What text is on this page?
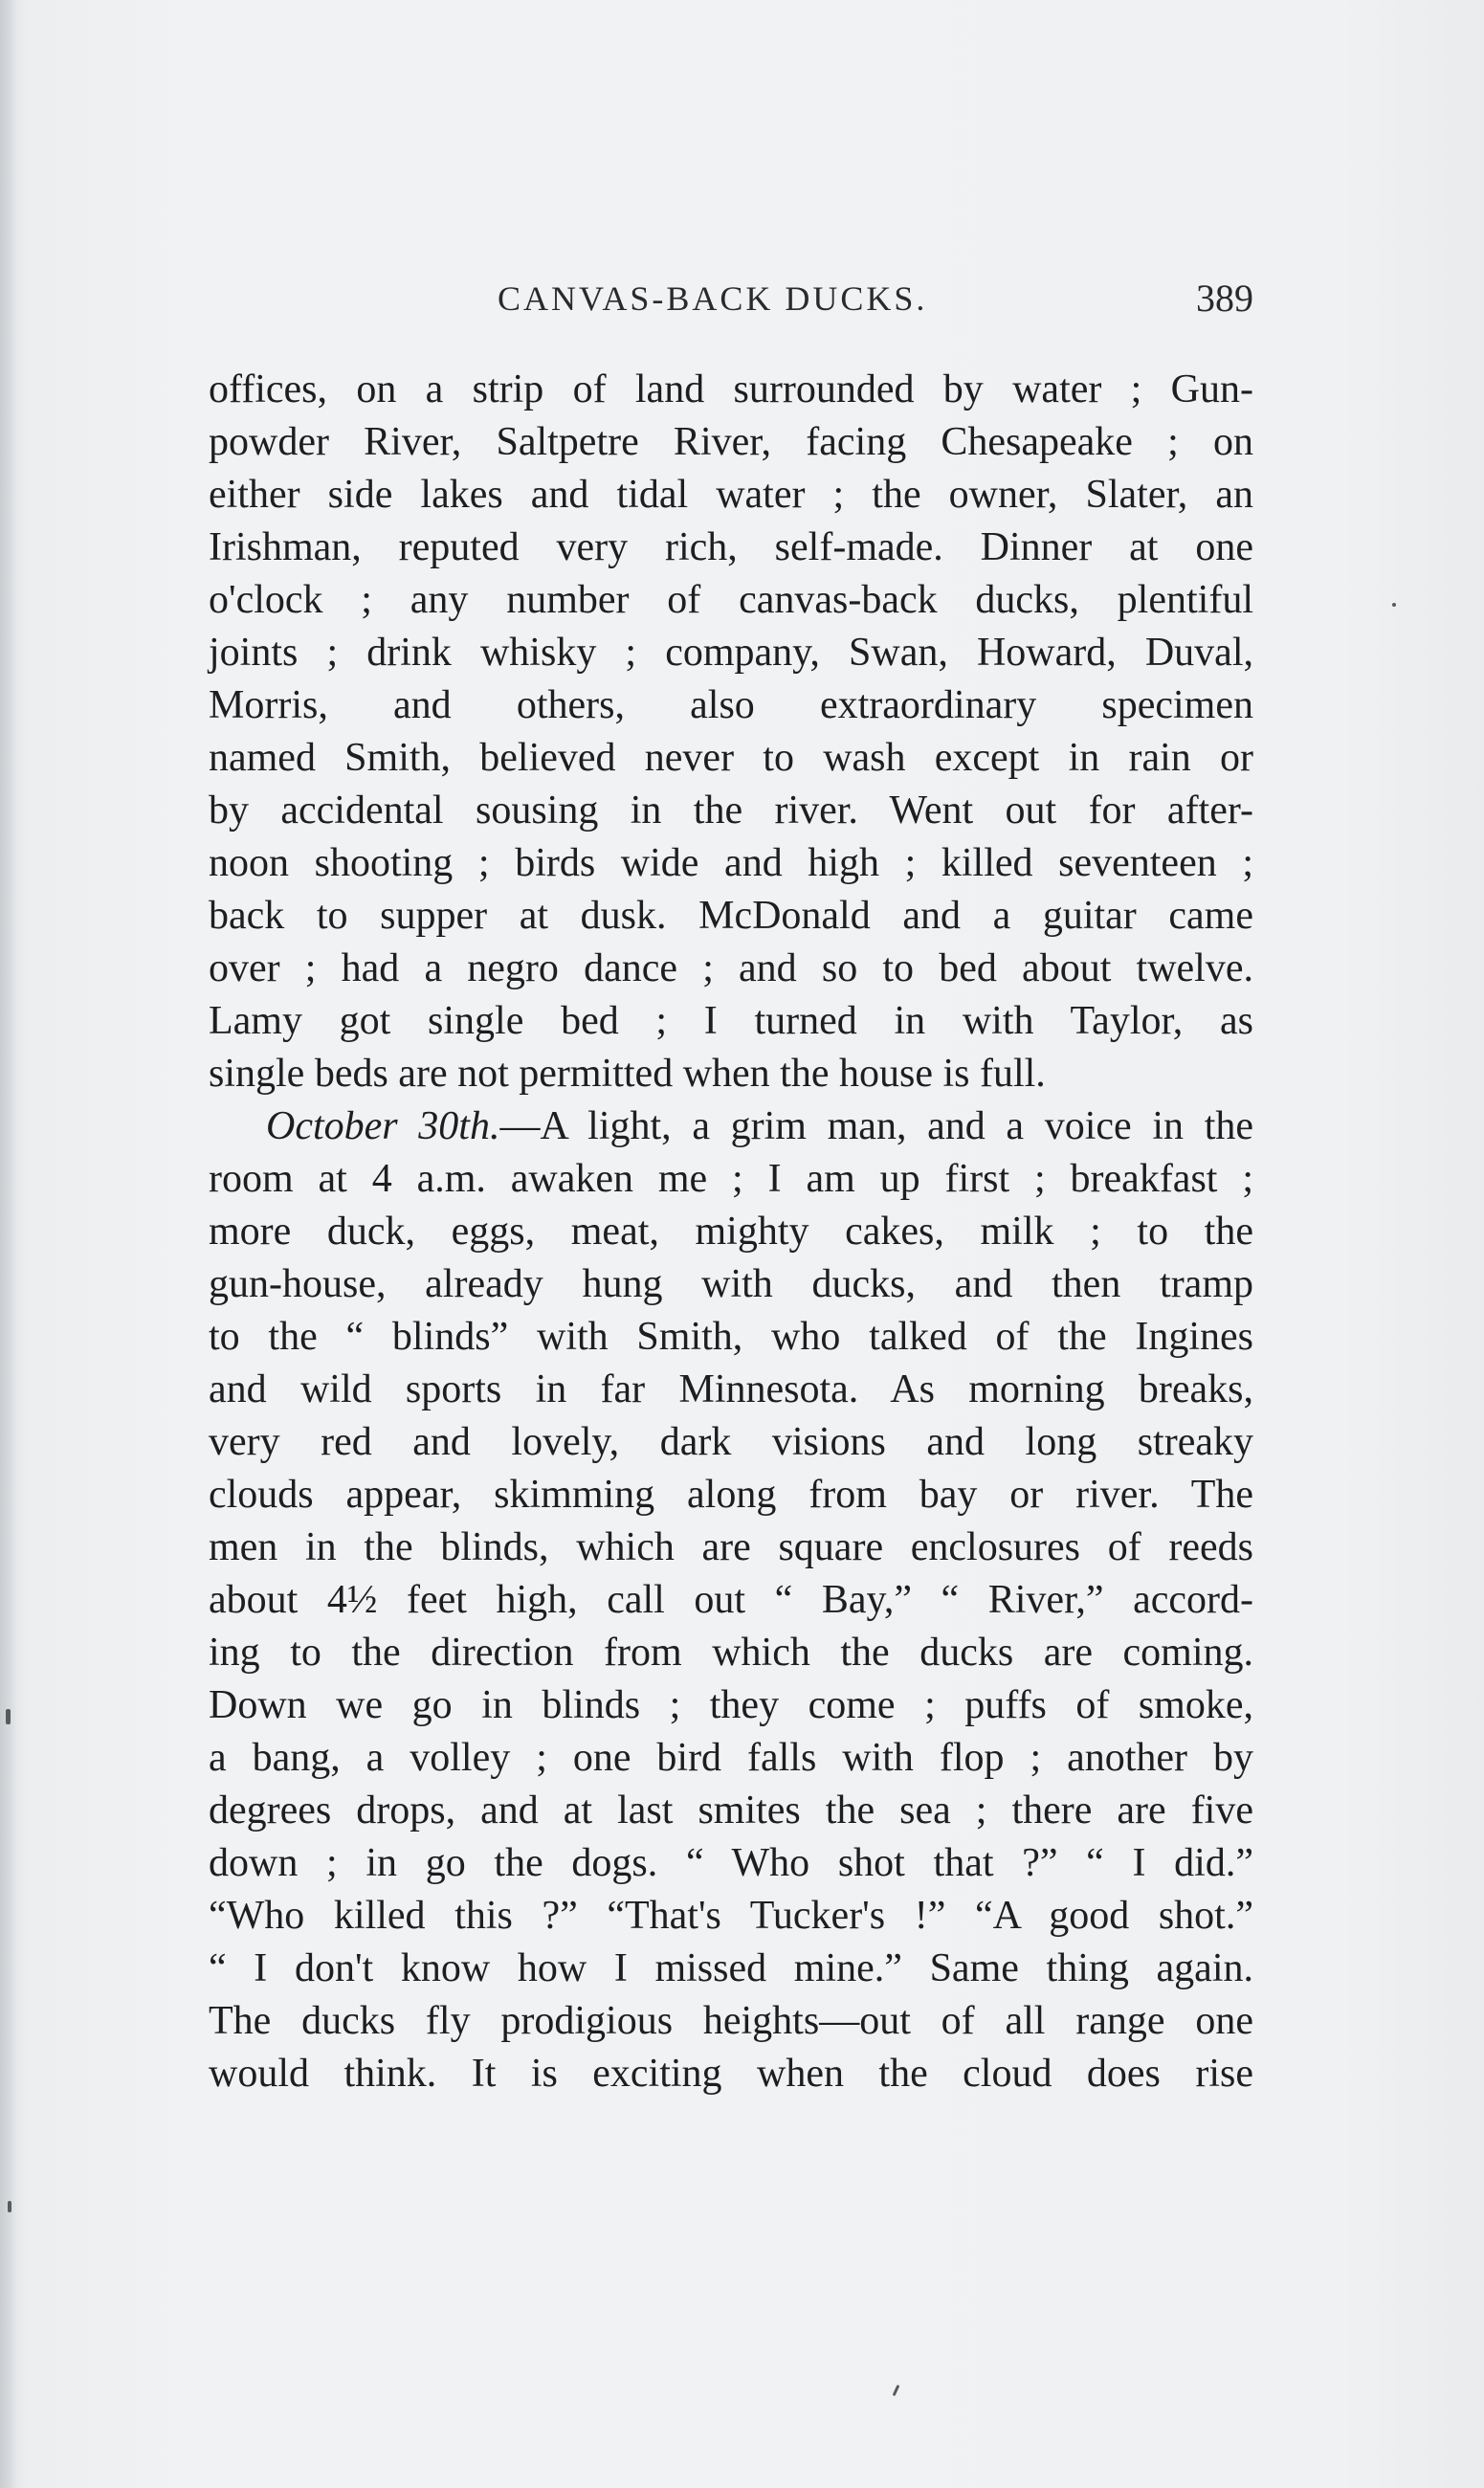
CANVAS-BACK DUCKS.	389
offices, on a strip of land surrounded by water ; Gun-
powder River, Saltpetre River, facing Chesapeake ; on
either side lakes and tidal water ; the owner, Slater, an
Irishman, reputed very rich, self-made. Dinner at one
o'clock ; any number of canvas-back ducks, plentiful
joints ; drink whisky ; company, Swan, Howard, Duval,
Morris, and others, also extraordinary specimen
named Smith, believed never to wash except in rain or
by accidental sousing in the river. Went out for after-
noon shooting ; birds wide and high ; killed seventeen ;
back to supper at dusk. McDonald and a guitar came
over ; had a negro dance ; and so to bed about twelve.
Lamy got single bed ; I turned in with Taylor, as
single beds are not permitted when the house is full.
October 30th.—A light, a grim man, and a voice in the
room at 4 a.m. awaken me ; I am up first ; breakfast ;
more duck, eggs, meat, mighty cakes, milk ; to the
gun-house, already hung with ducks, and then tramp
to the “ blinds” with Smith, who talked of the Ingines
and wild sports in far Minnesota. As morning breaks,
very red and lovely, dark visions and long streaky
clouds appear, skimming along from bay or river. The
men in the blinds, which are square enclosures of reeds
about 4½ feet high, call out “ Bay,” “ River,” accord-
ing to the direction from which the ducks are coming.
Down we go in blinds ; they come ; puffs of smoke,
a bang, a volley ; one bird falls with flop ; another by
degrees drops, and at last smites the sea ; there are five
down ; in go the dogs. “ Who shot that ?” “ I did.”
“Who killed this ?” “That's Tucker's !” “A good shot.”
“ I don't know how I missed mine.” Same thing again.
The ducks fly prodigious heights—out of all range one
would think. It is exciting when the cloud does rise
